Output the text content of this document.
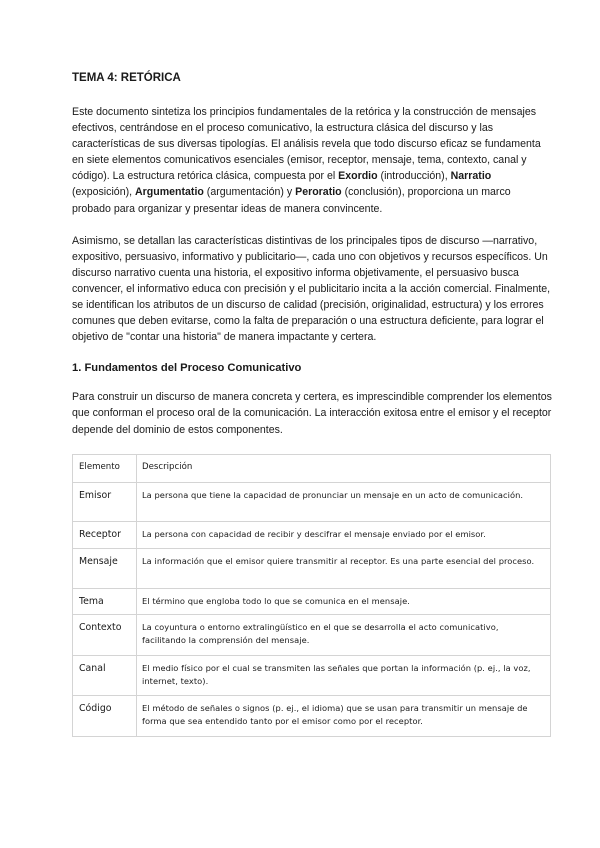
TEMA 4: RETÓRICA

Este documento sintetiza los principios fundamentales de la retórica y la construcción de mensajes efectivos, centrándose en el proceso comunicativo, la estructura clásica del discurso y las características de sus diversas tipologías. El análisis revela que todo discurso eficaz se fundamenta en siete elementos comunicativos esenciales (emisor, receptor, mensaje, tema, contexto, canal y código). La estructura retórica clásica, compuesta por el Exordio (introducción), Narratio (exposición), Argumentatio (argumentación) y Peroratio (conclusión), proporciona un marco probado para organizar y presentar ideas de manera convincente.

Asimismo, se detallan las características distintivas de los principales tipos de discurso —narrativo, expositivo, persuasivo, informativo y publicitario—, cada uno con objetivos y recursos específicos. Un discurso narrativo cuenta una historia, el expositivo informa objetivamente, el persuasivo busca convencer, el informativo educa con precisión y el publicitario incita a la acción comercial. Finalmente, se identifican los atributos de un discurso de calidad (precisión, originalidad, estructura) y los errores comunes que deben evitarse, como la falta de preparación o una estructura deficiente, para lograr el objetivo de "contar una historia" de manera impactante y certera.

1. Fundamentos del Proceso Comunicativo

Para construir un discurso de manera concreta y certera, es imprescindible comprender los elementos que conforman el proceso oral de la comunicación. La interacción exitosa entre el emisor y el receptor depende del dominio de estos componentes.

Elemento	Descripción
Emisor	La persona que tiene la capacidad de pronunciar un mensaje en un acto de comunicación.
Receptor	La persona con capacidad de recibir y descifrar el mensaje enviado por el emisor.
Mensaje	La información que el emisor quiere transmitir al receptor. Es una parte esencial del proceso.
Tema	El término que engloba todo lo que se comunica en el mensaje.
Contexto	La coyuntura o entorno extralingüístico en el que se desarrolla el acto comunicativo, facilitando la comprensión del mensaje.
Canal	El medio físico por el cual se transmiten las señales que portan la información (p. ej., la voz, internet, texto).
Código	El método de señales o signos (p. ej., el idioma) que se usan para transmitir un mensaje de forma que sea entendido tanto por el emisor como por el receptor.
